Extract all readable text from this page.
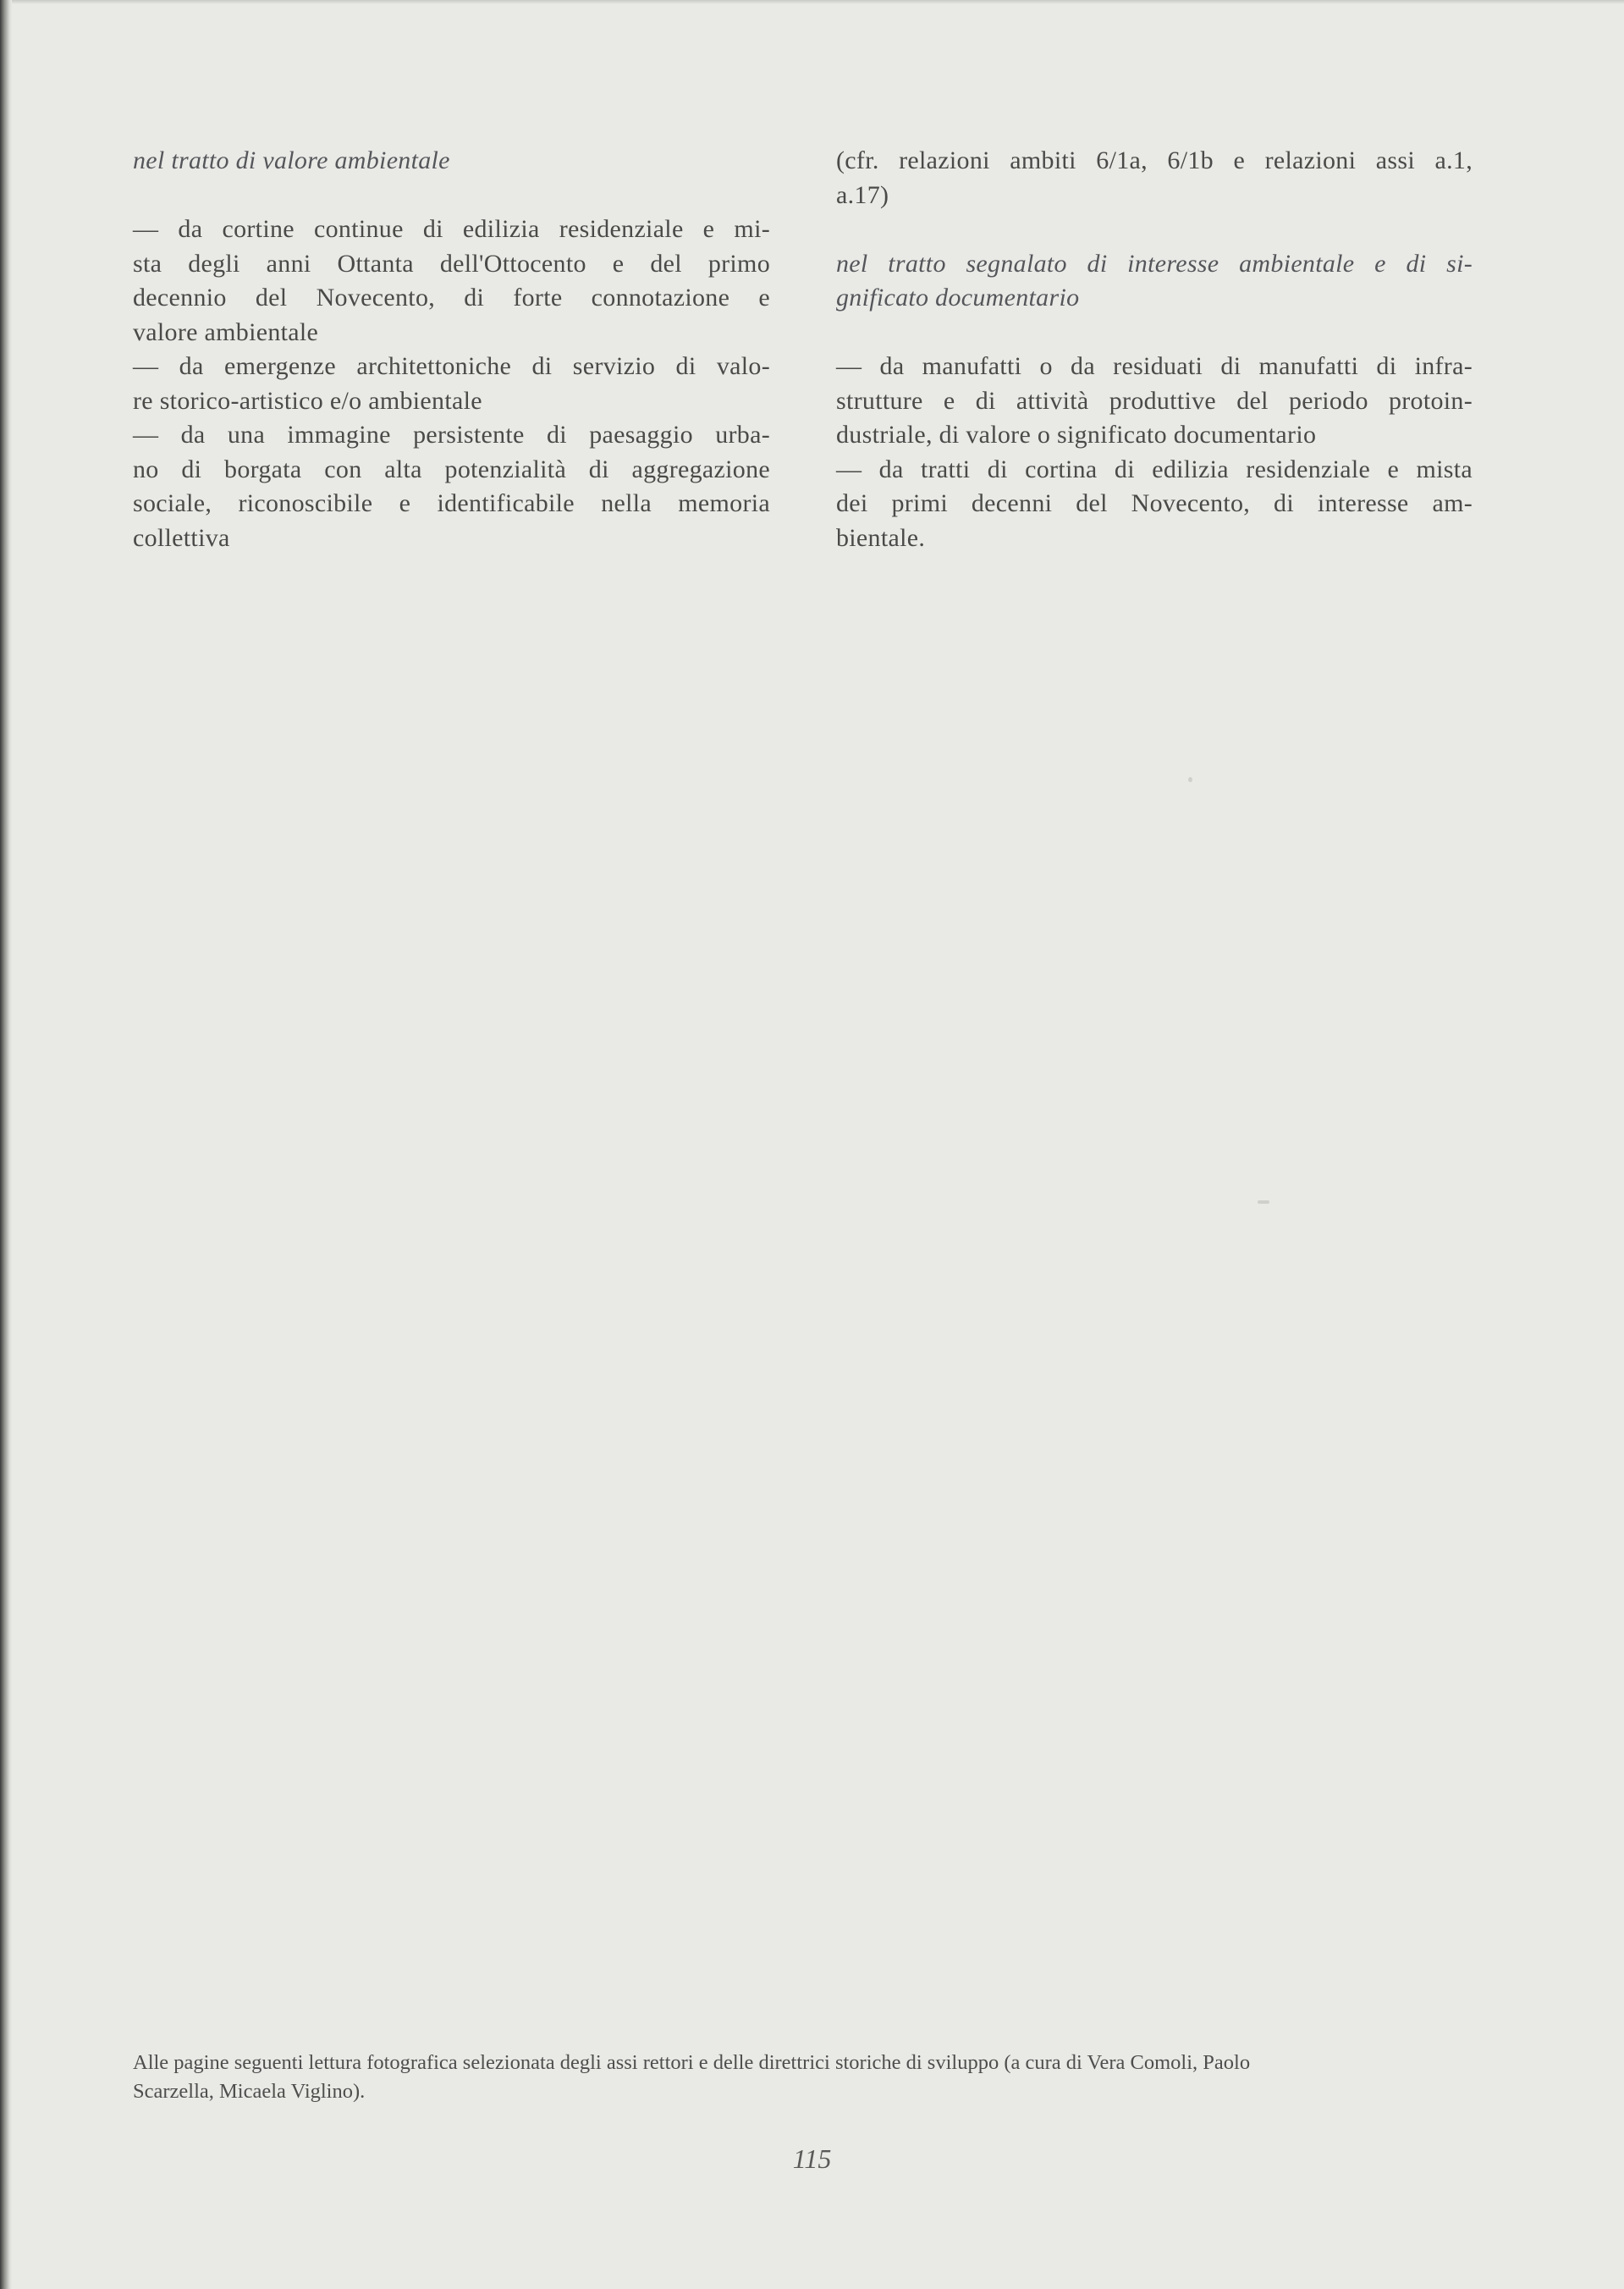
nel tratto di valore ambientale

— da cortine continue di edilizia residenziale e mi-

sta degli anni Ottanta dell'Ottocento e del primo

decennio del Novecento, di forte connotazione e

valore ambientale

— da emergenze architettoniche di servizio di valo-

re storico-artistico e/o ambientale

— da una immagine persistente di paesaggio urba-

no di borgata con alta potenzialità di aggregazione

sociale, riconoscibile e identificabile nella memoria

collettiva

(cfr. relazioni ambiti 6/1a, 6/1b e relazioni assi a.1,

a.17)

nel tratto segnalato di interesse ambientale e di si-

gnificato documentario

— da manufatti o da residuati di manufatti di infra-

strutture e di attività produttive del periodo protoin-

dustriale, di valore o significato documentario

— da tratti di cortina di edilizia residenziale e mista

dei primi decenni del Novecento, di interesse am-

bientale.

Alle pagine seguenti lettura fotografica selezionata degli assi rettori e delle direttrici storiche di sviluppo (a cura di Vera Comoli, Paolo
Scarzella, Micaela Viglino).
115
